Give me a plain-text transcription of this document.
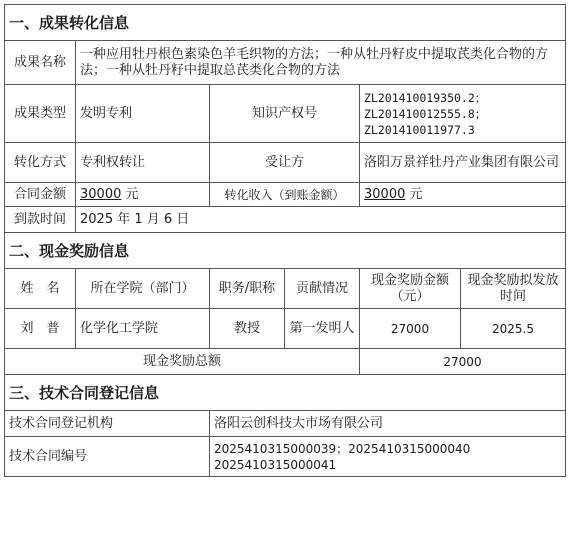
一、成果转化信息					
成果名称	一种应用牡丹根色素染色羊毛织物的方法；一种从牡丹籽皮中提取芪类化合物的方法；一种从牡丹籽中提取总芪类化合物的方法				
成果类型	发明专利	知识产权号		ZL201410019350.2；
ZL201410012555.8；
ZL201410011977.3	

转化方式	专利权转让	受让方		洛阳万景祥牡丹产业集团有限公司	
合同金额	30000 元	转化收入（到账金额）		30000 元	
到款时间	2025 年 1 月 6 日				
二、现金奖励信息					
姓　名	所在学院（部门）	职务/职称	贡献情况	现金奖励金额（元）	现金奖励拟发放时间
刘　普	化学化工学院	教授	第一发明人	27000	2025.5
现金奖励总额				27000	
三、技术合同登记信息					
技术合同登记机构		洛阳云创科技大市场有限公司			
技术合同编号		2025410315000039；2025410315000040
2025410315000041			
